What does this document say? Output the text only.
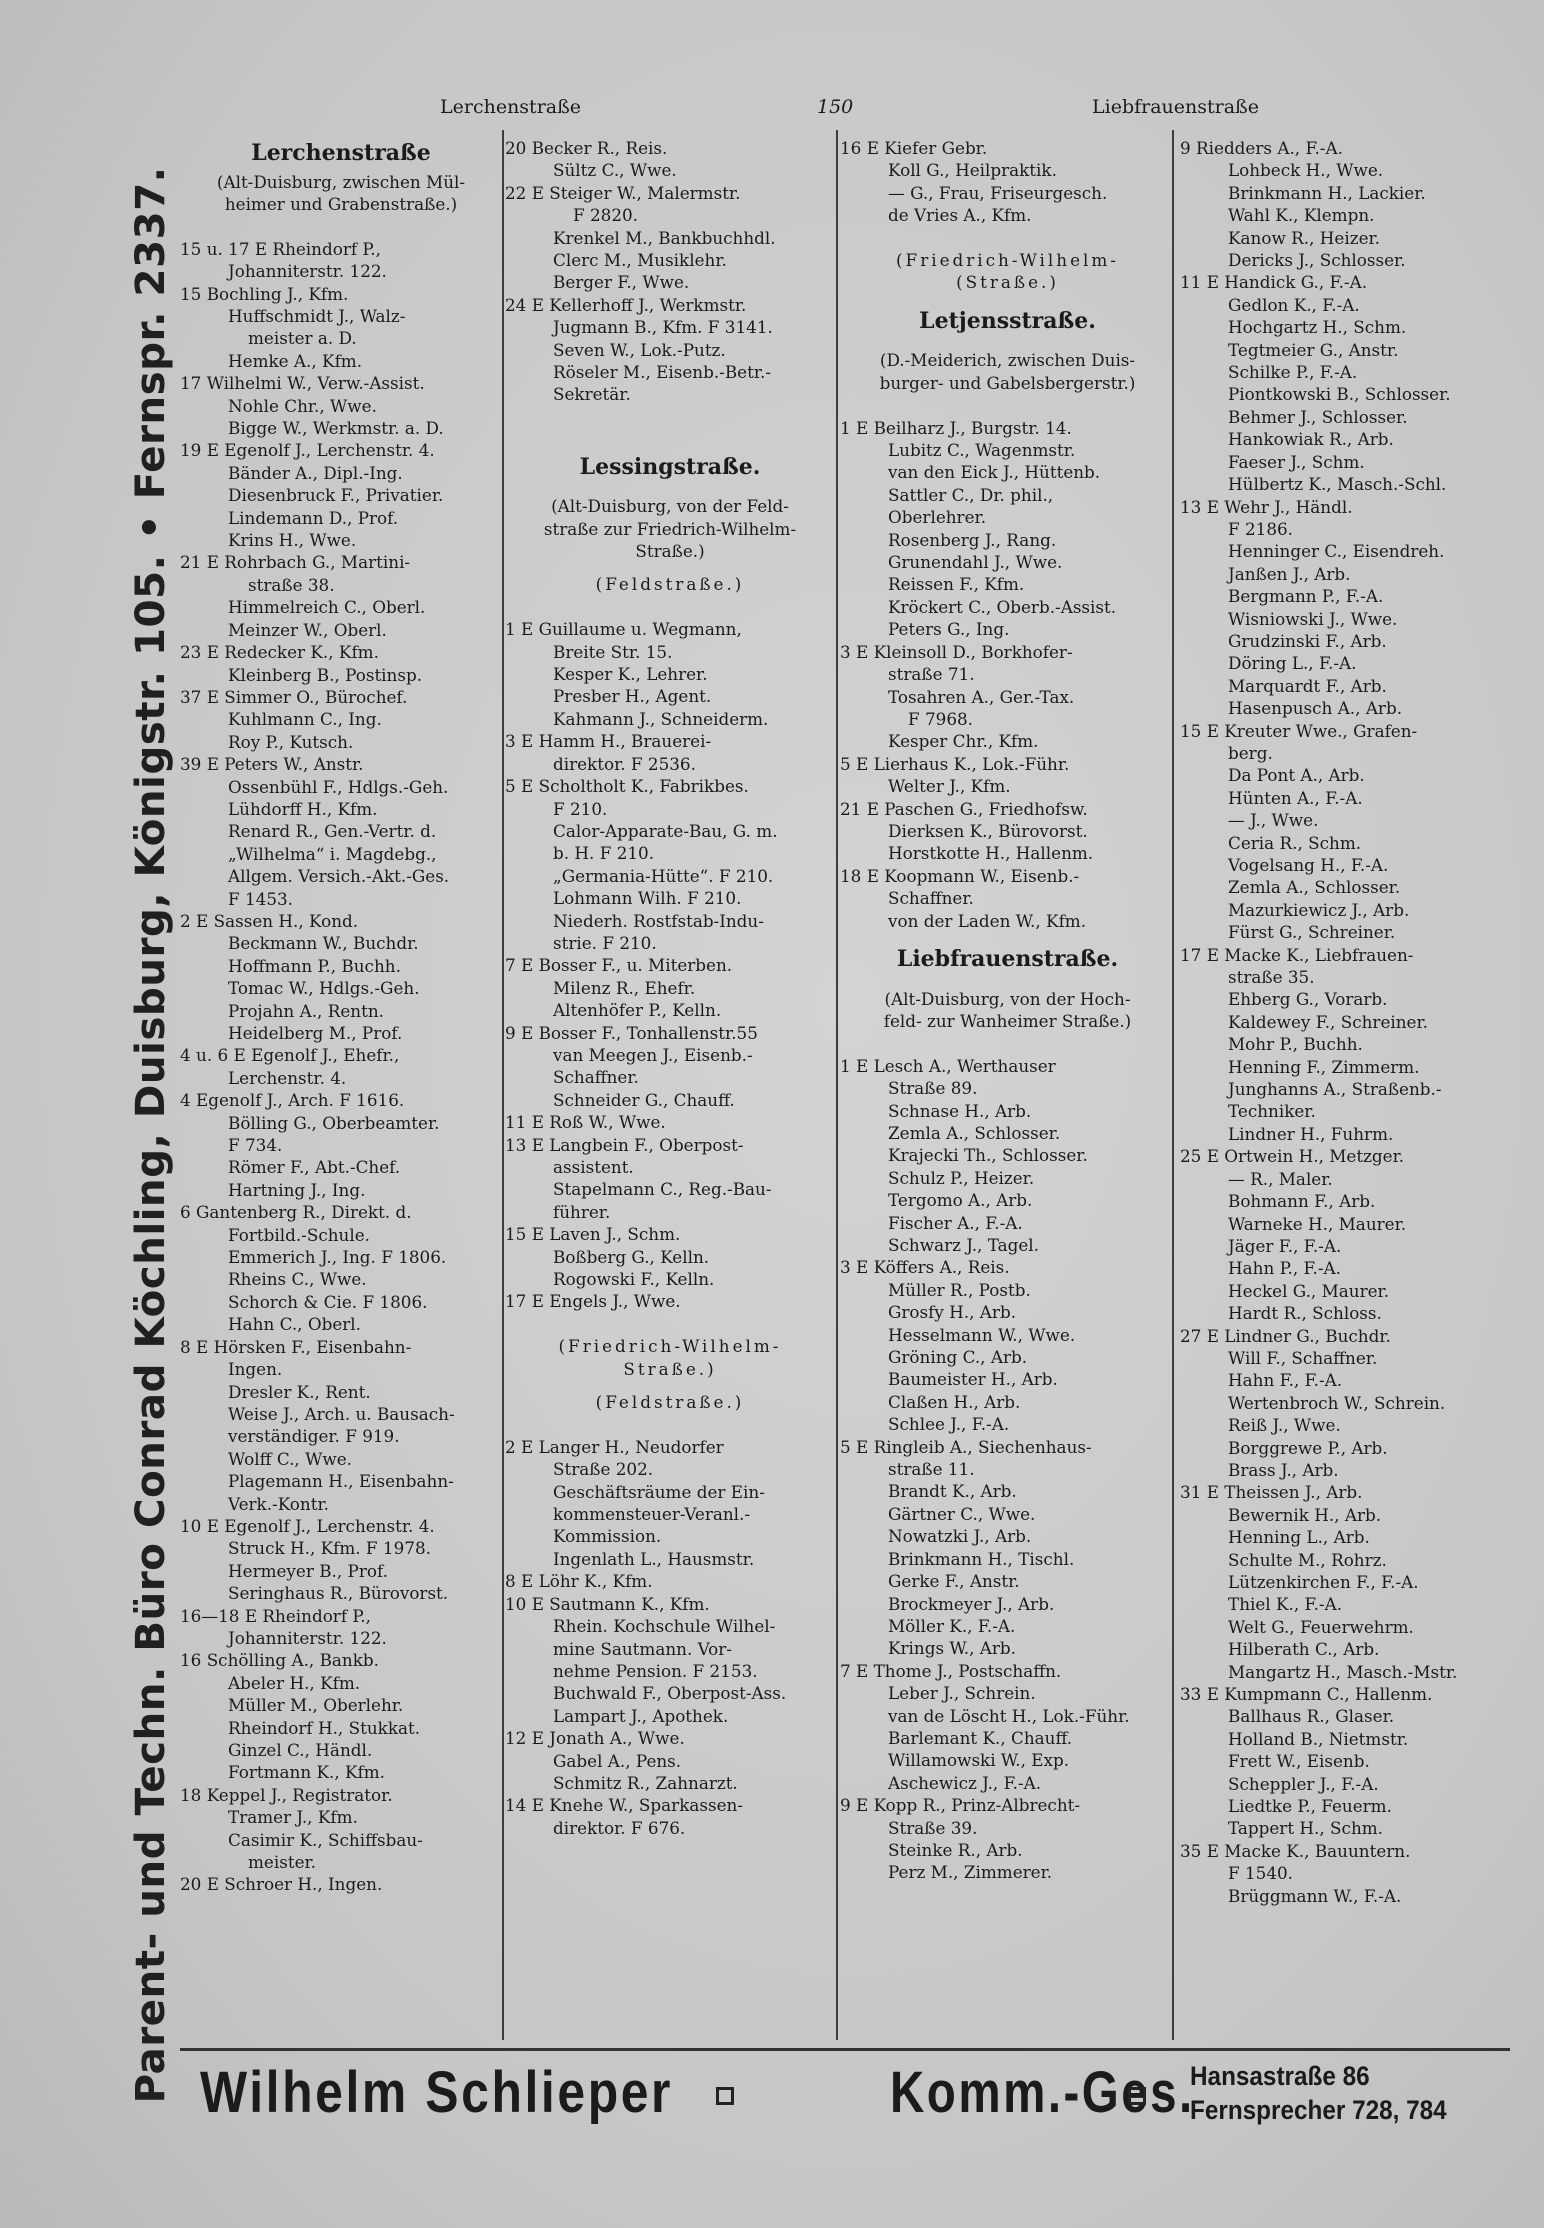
Lerchenstraße	150	Liebfrauenstraße
Parent- und Techn. Büro Conrad Köchling, Duisburg, Königstr. 105. • Fernspr. 2337.
Lerchenstraße
(Alt-Duisburg, zwischen Mül-
heimer und Grabenstraße.)
15 u. 17 E Rheindorf P.,
Johanniterstr. 122.
15 Bochling J., Kfm.
Huffschmidt J., Walz-
meister a. D.
Hemke A., Kfm.
17 Wilhelmi W., Verw.-Assist.
Nohle Chr., Wwe.
Bigge W., Werkmstr. a. D.
19 E Egenolf J., Lerchenstr. 4.
Bänder A., Dipl.-Ing.
Diesenbruck F., Privatier.
Lindemann D., Prof.
Krins H., Wwe.
21 E Rohrbach G., Martini-
straße 38.
Himmelreich C., Oberl.
Meinzer W., Oberl.
23 E Redecker K., Kfm.
Kleinberg B., Postinsp.
37 E Simmer O., Bürochef.
Kuhlmann C., Ing.
Roy P., Kutsch.
39 E Peters W., Anstr.
Ossenbühl F., Hdlgs.-Geh.
Lühdorff H., Kfm.
Renard R., Gen.-Vertr. d.
„Wilhelma“ i. Magdebg.,
Allgem. Versich.-Akt.-Ges.
F 1453.
2 E Sassen H., Kond.
Beckmann W., Buchdr.
Hoffmann P., Buchh.
Tomac W., Hdlgs.-Geh.
Projahn A., Rentn.
Heidelberg M., Prof.
4 u. 6 E Egenolf J., Ehefr.,
Lerchenstr. 4.
4 Egenolf J., Arch. F 1616.
Bölling G., Oberbeamter.
F 734.
Römer F., Abt.-Chef.
Hartning J., Ing.
6 Gantenberg R., Direkt. d.
Fortbild.-Schule.
Emmerich J., Ing. F 1806.
Rheins C., Wwe.
Schorch & Cie. F 1806.
Hahn C., Oberl.
8 E Hörsken F., Eisenbahn-
Ingen.
Dresler K., Rent.
Weise J., Arch. u. Bausach-
verständiger. F 919.
Wolff C., Wwe.
Plagemann H., Eisenbahn-
Verk.-Kontr.
10 E Egenolf J., Lerchenstr. 4.
Struck H., Kfm. F 1978.
Hermeyer B., Prof.
Seringhaus R., Bürovorst.
16—18 E Rheindorf P.,
Johanniterstr. 122.
16 Schölling A., Bankb.
Abeler H., Kfm.
Müller M., Oberlehr.
Rheindorf H., Stukkat.
Ginzel C., Händl.
Fortmann K., Kfm.
18 Keppel J., Registrator.
Tramer J., Kfm.
Casimir K., Schiffsbau-
meister.
20 E Schroer H., Ingen.
20 Becker R., Reis.
Sültz C., Wwe.
22 E Steiger W., Malermstr.
F 2820.
Krenkel M., Bankbuchhdl.
Clerc M., Musiklehr.
Berger F., Wwe.
24 E Kellerhoff J., Werkmstr.
Jugmann B., Kfm. F 3141.
Seven W., Lok.-Putz.
Röseler M., Eisenb.-Betr.-
Sekretär.
Lessingstraße.
(Alt-Duisburg, von der Feld-
straße zur Friedrich-Wilhelm-
Straße.)
(Feldstraße.)
1 E Guillaume u. Wegmann,
Breite Str. 15.
Kesper K., Lehrer.
Presber H., Agent.
Kahmann J., Schneiderm.
3 E Hamm H., Brauerei-
direktor. F 2536.
5 E Scholtholt K., Fabrikbes.
F 210.
Calor-Apparate-Bau, G. m.
b. H. F 210.
„Germania-Hütte“. F 210.
Lohmann Wilh. F 210.
Niederh. Rostfstab-Indu-
strie. F 210.
7 E Bosser F., u. Miterben.
Milenz R., Ehefr.
Altenhöfer P., Kelln.
9 E Bosser F., Tonhallenstr.55
van Meegen J., Eisenb.-
Schaffner.
Schneider G., Chauff.
11 E Roß W., Wwe.
13 E Langbein F., Oberpost-
assistent.
Stapelmann C., Reg.-Bau-
führer.
15 E Laven J., Schm.
Boßberg G., Kelln.
Rogowski F., Kelln.
17 E Engels J., Wwe.
(Friedrich-Wilhelm-
Straße.)
(Feldstraße.)
2 E Langer H., Neudorfer
Straße 202.
Geschäftsräume der Ein-
kommensteuer-Veranl.-
Kommission.
Ingenlath L., Hausmstr.
8 E Löhr K., Kfm.
10 E Sautmann K., Kfm.
Rhein. Kochschule Wilhel-
mine Sautmann. Vor-
nehme Pension. F 2153.
Buchwald F., Oberpost-Ass.
Lampart J., Apothek.
12 E Jonath A., Wwe.
Gabel A., Pens.
Schmitz R., Zahnarzt.
14 E Knehe W., Sparkassen-
direktor. F 676.
16 E Kiefer Gebr.
Koll G., Heilpraktik.
— G., Frau, Friseurgesch.
de Vries A., Kfm.
(Friedrich-Wilhelm-
(Straße.)
Letjensstraße.
(D.-Meiderich, zwischen Duis-
burger- und Gabelsbergerstr.)
1 E Beilharz J., Burgstr. 14.
Lubitz C., Wagenmstr.
van den Eick J., Hüttenb.
Sattler C., Dr. phil.,
Oberlehrer.
Rosenberg J., Rang.
Grunendahl J., Wwe.
Reissen F., Kfm.
Kröckert C., Oberb.-Assist.
Peters G., Ing.
3 E Kleinsoll D., Borkhofer-
straße 71.
Tosahren A., Ger.-Tax.
F 7968.
Kesper Chr., Kfm.
5 E Lierhaus K., Lok.-Führ.
Welter J., Kfm.
21 E Paschen G., Friedhofsw.
Dierksen K., Bürovorst.
Horstkotte H., Hallenm.
18 E Koopmann W., Eisenb.-
Schaffner.
von der Laden W., Kfm.
Liebfrauenstraße.
(Alt-Duisburg, von der Hoch-
feld- zur Wanheimer Straße.)
1 E Lesch A., Werthauser
Straße 89.
Schnase H., Arb.
Zemla A., Schlosser.
Krajecki Th., Schlosser.
Schulz P., Heizer.
Tergomo A., Arb.
Fischer A., F.-A.
Schwarz J., Tagel.
3 E Köffers A., Reis.
Müller R., Postb.
Grosfy H., Arb.
Hesselmann W., Wwe.
Gröning C., Arb.
Baumeister H., Arb.
Claßen H., Arb.
Schlee J., F.-A.
5 E Ringleib A., Siechenhaus-
straße 11.
Brandt K., Arb.
Gärtner C., Wwe.
Nowatzki J., Arb.
Brinkmann H., Tischl.
Gerke F., Anstr.
Brockmeyer J., Arb.
Möller K., F.-A.
Krings W., Arb.
7 E Thome J., Postschaffn.
Leber J., Schrein.
van de Löscht H., Lok.-Führ.
Barlemant K., Chauff.
Willamowski W., Exp.
Aschewicz J., F.-A.
9 E Kopp R., Prinz-Albrecht-
Straße 39.
Steinke R., Arb.
Perz M., Zimmerer.
9 Riedders A., F.-A.
Lohbeck H., Wwe.
Brinkmann H., Lackier.
Wahl K., Klempn.
Kanow R., Heizer.
Dericks J., Schlosser.
11 E Handick G., F.-A.
Gedlon K., F.-A.
Hochgartz H., Schm.
Tegtmeier G., Anstr.
Schilke P., F.-A.
Piontkowski B., Schlosser.
Behmer J., Schlosser.
Hankowiak R., Arb.
Faeser J., Schm.
Hülbertz K., Masch.-Schl.
13 E Wehr J., Händl.
F 2186.
Henninger C., Eisendreh.
Janßen J., Arb.
Bergmann P., F.-A.
Wisniowski J., Wwe.
Grudzinski F., Arb.
Döring L., F.-A.
Marquardt F., Arb.
Hasenpusch A., Arb.
15 E Kreuter Wwe., Grafen-
berg.
Da Pont A., Arb.
Hünten A., F.-A.
— J., Wwe.
Ceria R., Schm.
Vogelsang H., F.-A.
Zemla A., Schlosser.
Mazurkiewicz J., Arb.
Fürst G., Schreiner.
17 E Macke K., Liebfrauen-
straße 35.
Ehberg G., Vorarb.
Kaldewey F., Schreiner.
Mohr P., Buchh.
Henning F., Zimmerm.
Junghanns A., Straßenb.-
Techniker.
Lindner H., Fuhrm.
25 E Ortwein H., Metzger.
— R., Maler.
Bohmann F., Arb.
Warneke H., Maurer.
Jäger F., F.-A.
Hahn P., F.-A.
Heckel G., Maurer.
Hardt R., Schloss.
27 E Lindner G., Buchdr.
Will F., Schaffner.
Hahn F., F.-A.
Wertenbroch W., Schrein.
Reiß J., Wwe.
Borggrewe P., Arb.
Brass J., Arb.
31 E Theissen J., Arb.
Bewernik H., Arb.
Henning L., Arb.
Schulte M., Rohrz.
Lützenkirchen F., F.-A.
Thiel K., F.-A.
Welt G., Feuerwehrm.
Hilberath C., Arb.
Mangartz H., Masch.-Mstr.
33 E Kumpmann C., Hallenm.
Ballhaus R., Glaser.
Holland B., Nietmstr.
Frett W., Eisenb.
Scheppler J., F.-A.
Liedtke P., Feuerm.
Tappert H., Schm.
35 E Macke K., Bauuntern.
F 1540.
Brüggmann W., F.-A.
Wilhelm Schlieper	Komm.-Ges.
Hansastraße 86
Fernsprecher 728, 784
